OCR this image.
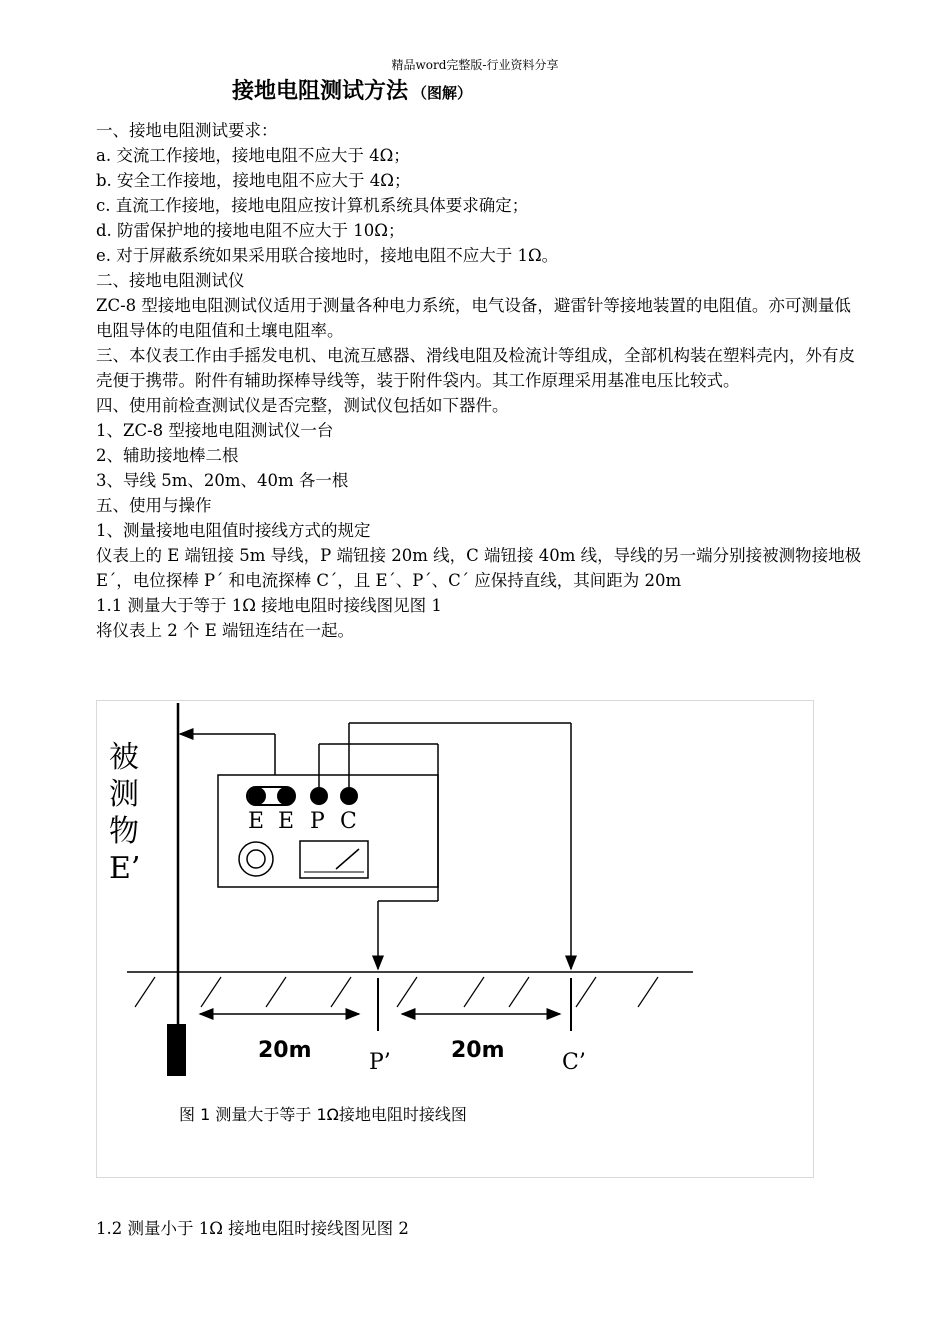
精品word完整版-行业资料分享
接地电阻测试方法 （图解）

一、接地电阻测试要求：

a. 交流工作接地，接地电阻不应大于 4Ω；

b. 安全工作接地，接地电阻不应大于 4Ω；

c. 直流工作接地，接地电阻应按计算机系统具体要求确定；

d. 防雷保护地的接地电阻不应大于 10Ω；

e. 对于屏蔽系统如果采用联合接地时，接地电阻不应大于 1Ω。

二、接地电阻测试仪

ZC-8 型接地电阻测试仪适用于测量各种电力系统，电气设备，避雷针等接地装置的电阻值。亦可测量低电阻导体的电阻值和土壤电阻率。

三、本仪表工作由手摇发电机、电流互感器、滑线电阻及检流计等组成，全部机构装在塑料壳内，外有皮壳便于携带。附件有辅助探棒导线等，装于附件袋内。其工作原理采用基准电压比较式。

四、使用前检查测试仪是否完整，测试仪包括如下器件。

1、ZC-8 型接地电阻测试仪一台

2、辅助接地棒二根

3、导线 5m、20m、40m 各一根

五、使用与操作

1、测量接地电阻值时接线方式的规定

仪表上的 E 端钮接 5m 导线，P 端钮接 20m 线，C 端钮接 40m 线，导线的另一端分别接被测物接地极 E´，电位探棒 P´ 和电流探棒 C´，且 E´、P´、C´ 应保持直线，其间距为 20m

1.1 测量大于等于 1Ω 接地电阻时接线图见图 1

将仪表上 2 个 E 端钮连结在一起。

被
测
物
E’
E E P C
20m	20m
P’	C’
图 1 测量大于等于 1Ω接地电阻时接线图
1.2 测量小于 1Ω 接地电阻时接线图见图 2
